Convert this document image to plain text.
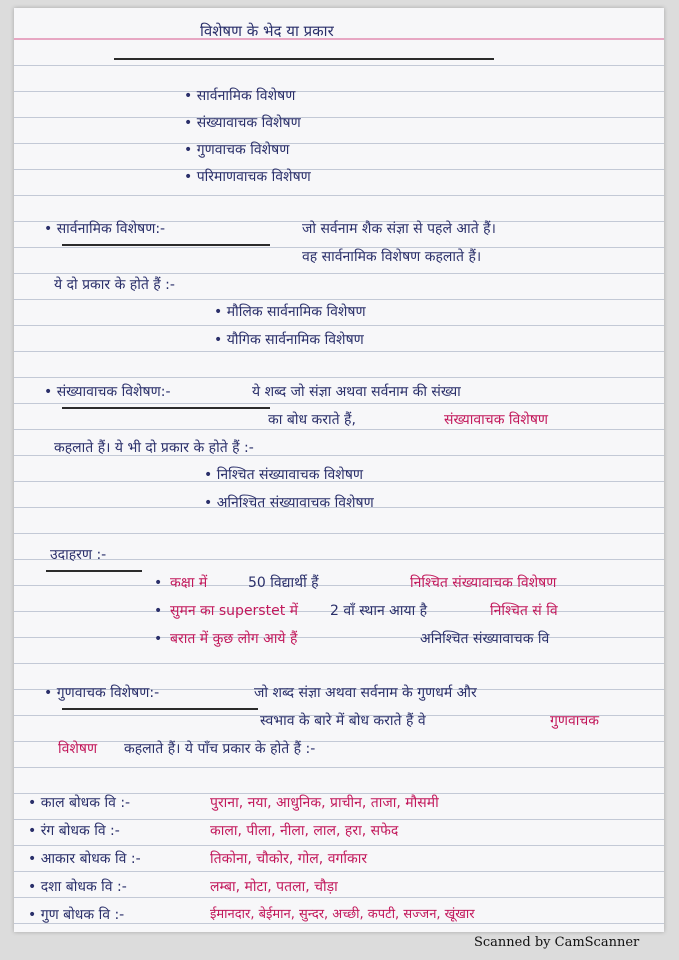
विशेषण के भेद या प्रकार
• सार्वनामिक विशेषण
• संख्यावाचक विशेषण
• गुणवाचक विशेषण
• परिमाणवाचक विशेषण
• सार्वनामिक विशेषण:-	जो सर्वनाम शैक संज्ञा से पहले आते हैं।
वह सार्वनामिक विशेषण कहलाते हैं।
ये दो प्रकार के होते हैं :-
• मौलिक सार्वनामिक विशेषण
• यौगिक सार्वनामिक विशेषण
• संख्यावाचक विशेषण:-	ये शब्द जो संज्ञा अथवा सर्वनाम की संख्या
का बोध कराते हैं,	संख्यावाचक विशेषण
कहलाते हैं। ये भी दो प्रकार के होते हैं :-
• निश्चित संख्यावाचक विशेषण
• अनिश्चित संख्यावाचक विशेषण
उदाहरण :-
• कक्षा में	50 विद्यार्थी हैं	निश्चित संख्यावाचक विशेषण
• सुमन का superstet में 2 वाँ स्थान आया है	निश्चित सं वि
• बरात में कुछ लोग आये हैं	अनिश्चित संख्यावाचक वि
• गुणवाचक विशेषण:-	जो शब्द संज्ञा अथवा सर्वनाम के गुणधर्म और
स्वभाव के बारे में बोध कराते हैं वे	गुणवाचक
विशेषण कहलाते हैं। ये पाँच प्रकार के होते हैं :-
• काल बोधक वि :-	पुराना, नया, आधुनिक, प्राचीन, ताजा, मौसमी
• रंग बोधक वि :-	काला, पीला, नीला, लाल, हरा, सफेद
• आकार बोधक वि :-	तिकोना, चौकोर, गोल, वर्गाकार
• दशा बोधक वि :-	लम्बा, मोटा, पतला, चौड़ा
• गुण बोधक वि :-	ईमानदार, बेईमान, सुन्दर, अच्छी, कपटी, सज्जन, खूंखार
Scanned by CamScanner
